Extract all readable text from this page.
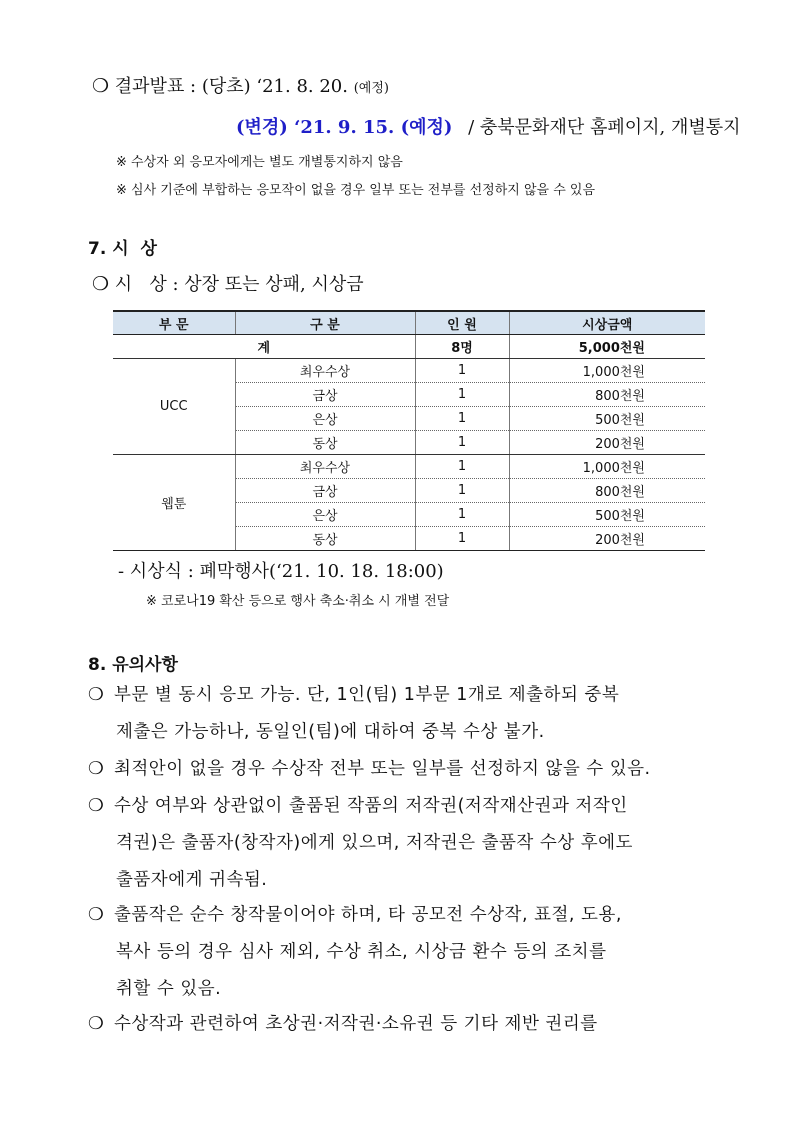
❍ 결과발표 : (당초) ‘21. 8. 20. (예정)
(변경) ‘21. 9. 15. (예정) / 충북문화재단 홈페이지, 개별통지
※ 수상자 외 응모자에게는 별도 개별통지하지 않음
※ 심사 기준에 부합하는 응모작이 없을 경우 일부 또는 전부를 선정하지 않을 수 있음
7. 시  상
❍ 시   상 : 상장 또는 상패, 시상금
부 문	구 분	인 원	시상금액
계		8명	5,000천원
UCC	최우수상	1	1,000천원
	금상	1	800천원
	은상	1	500천원
	동상	1	200천원
웹툰	최우수상	1	1,000천원
	금상	1	800천원
	은상	1	500천원
	동상	1	200천원
- 시상식 : 폐막행사(‘21. 10. 18. 18:00)
※ 코로나19 확산 등으로 행사 축소·취소 시 개별 전달
8. 유의사항
❍ 부문 별 동시 응모 가능. 단, 1인(팀) 1부문 1개로 제출하되 중복
제출은 가능하나, 동일인(팀)에 대하여 중복 수상 불가.
❍ 최적안이 없을 경우 수상작 전부 또는 일부를 선정하지 않을 수 있음.
❍ 수상 여부와 상관없이 출품된 작품의 저작권(저작재산권과 저작인
격권)은 출품자(창작자)에게 있으며, 저작권은 출품작 수상 후에도
출품자에게 귀속됨.
❍ 출품작은 순수 창작물이어야 하며, 타 공모전 수상작, 표절, 도용,
복사 등의 경우 심사 제외, 수상 취소, 시상금 환수 등의 조치를
취할 수 있음.
❍ 수상작과 관련하여 초상권·저작권·소유권 등 기타 제반 권리를
